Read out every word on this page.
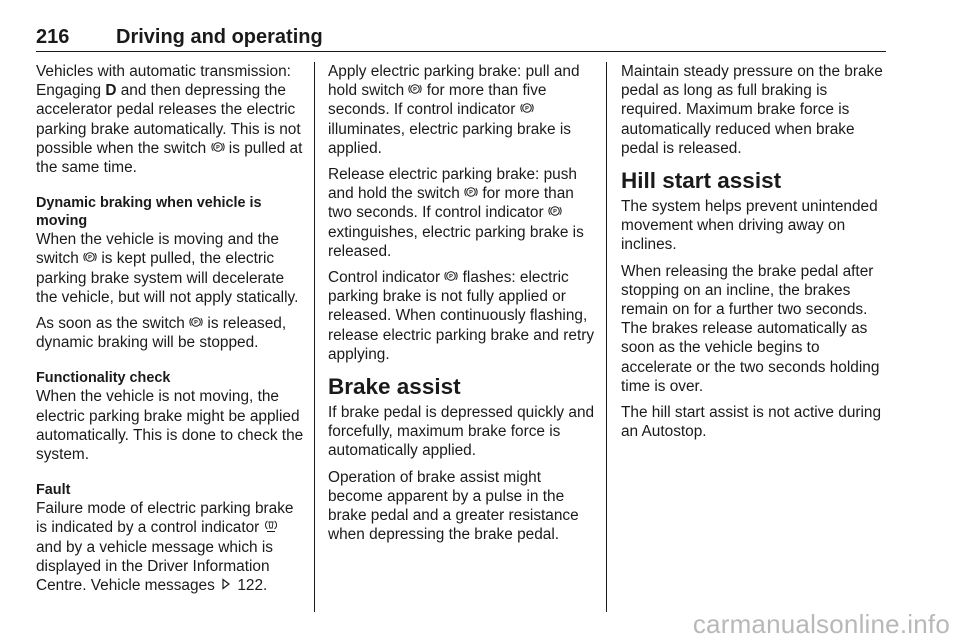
216 Driving and operating

Vehicles with automatic transmission: Engaging D and then depressing the accelerator pedal releases the electric parking brake automatically. This is not possible when the switch P is pulled at the same time.

Dynamic braking when vehicle is moving

When the vehicle is moving and the switch P is kept pulled, the electric parking brake system will decelerate the vehicle, but will not apply statically.

As soon as the switch P is released, dynamic braking will be stopped.

Functionality check

When the vehicle is not moving, the electric parking brake might be applied automatically. This is done to check the system.

Fault

Failure mode of electric parking brake is indicated by a control indicator  and by a vehicle message which is displayed in the Driver Information Centre. Vehicle messages  122.

Apply electric parking brake: pull and hold switch P for more than five seconds. If control indicator P
illuminates, electric parking brake is applied.

Release electric parking brake: push and hold the switch P for more than two seconds. If control indicator P
extinguishes, electric parking brake is released.

Control indicator P flashes: electric parking brake is not fully applied or released. When continuously flashing, release electric parking brake and retry applying.

Brake assist

If brake pedal is depressed quickly and forcefully, maximum brake force is automatically applied.

Operation of brake assist might become apparent by a pulse in the brake pedal and a greater resistance when depressing the brake pedal.

Maintain steady pressure on the brake pedal as long as full braking is required. Maximum brake force is automatically reduced when brake pedal is released.

Hill start assist

The system helps prevent unintended movement when driving away on inclines.

When releasing the brake pedal after stopping on an incline, the brakes remain on for a further two seconds. The brakes release automatically as soon as the vehicle begins to accelerate or the two seconds holding time is over.

The hill start assist is not active during an Autostop.

carmanualsonline.info
